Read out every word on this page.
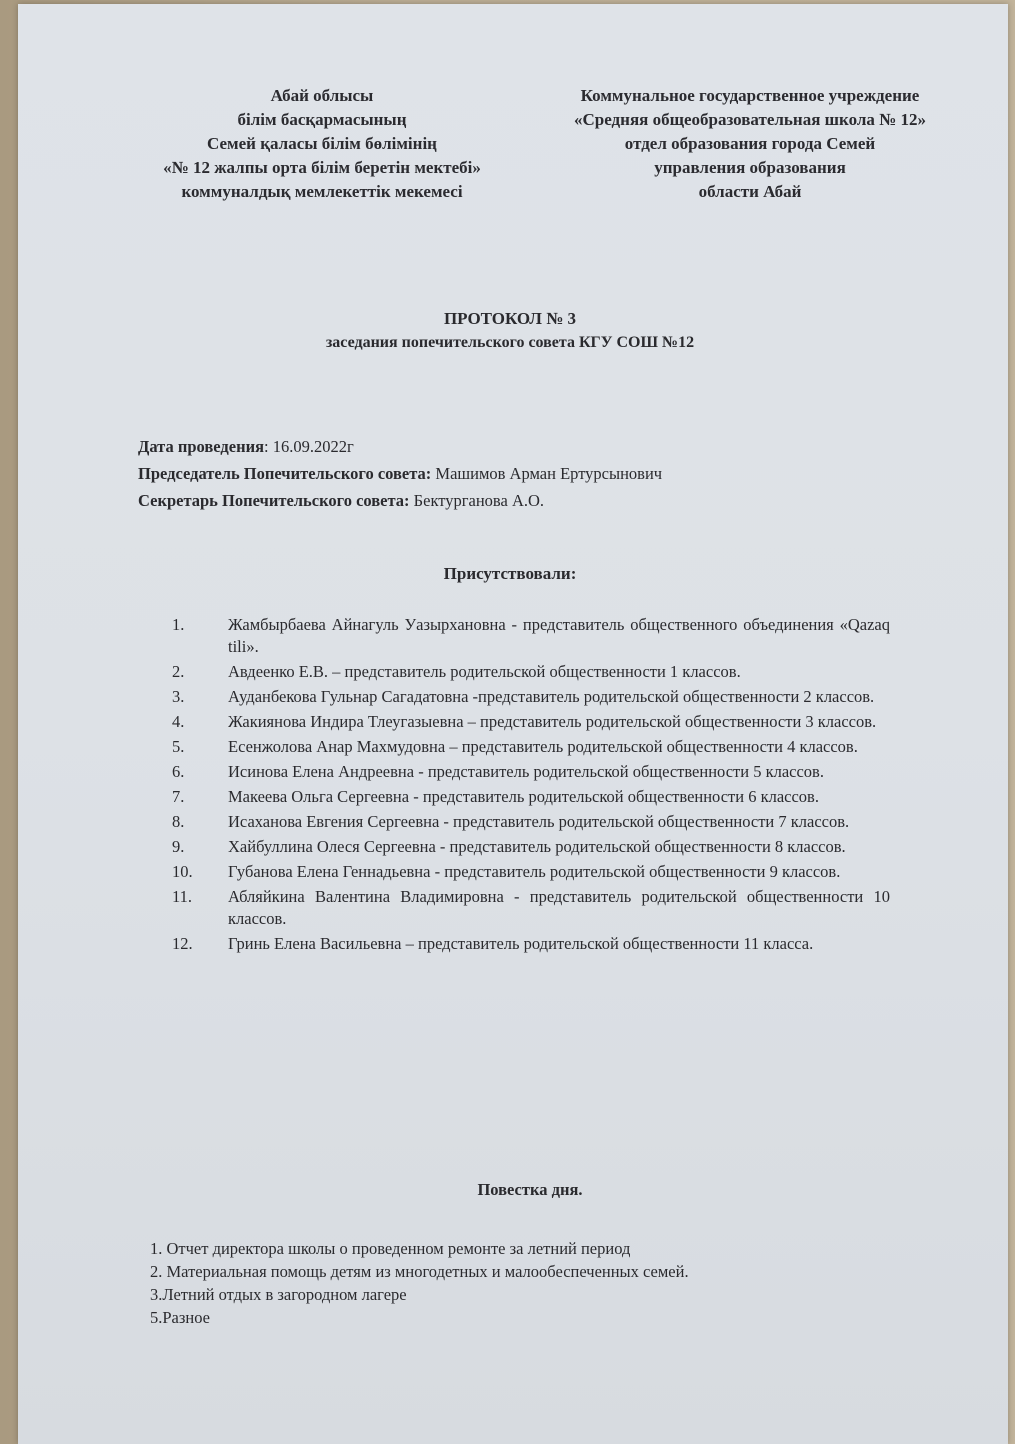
Абай облысы
білім басқармасының
Семей қаласы білім бөлімінің
«№ 12 жалпы орта білім беретін мектебі»
коммуналдық мемлекеттік мекемесі
Коммунальное государственное учреждение
«Средняя общеобразовательная школа № 12»
отдел образования города Семей
управления образования
области Абай
ПРОТОКОЛ № 3
заседания попечительского совета КГУ СОШ №12
Дата проведения: 16.09.2022г
Председатель Попечительского совета: Машимов Арман Ертурсынович
Секретарь Попечительского совета: Бектурганова А.О.
Присутствовали:
1.	Жамбырбаева Айнагуль Уазырхановна - представитель общественного объединения «Qazaq tili».
2.	Авдеенко Е.В. – представитель родительской общественности 1 классов.
3.	Ауданбекова Гульнар Сагадатовна -представитель родительской общественности 2 классов.
4.	Жакиянова Индира Тлеугазыевна – представитель родительской общественности 3 классов.
5.	Есенжолова Анар Махмудовна – представитель родительской общественности 4 классов.
6.	Исинова Елена Андреевна - представитель родительской общественности 5 классов.
7.	Макеева Ольга Сергеевна - представитель родительской общественности 6 классов.
8.	Исаханова Евгения Сергеевна - представитель родительской общественности 7 классов.
9.	Хайбуллина Олеся Сергеевна - представитель родительской общественности 8 классов.
10. Губанова Елена Геннадьевна - представитель родительской общественности 9 классов.
11. Абляйкина Валентина Владимировна - представитель родительской общественности 10 классов.
12. Гринь Елена Васильевна – представитель родительской общественности 11 класса.
Повестка дня.
1. Отчет директора школы о проведенном ремонте за летний период
2. Материальная помощь детям из многодетных и малообеспеченных семей.
3.Летний отдых в загородном лагере
5.Разное
